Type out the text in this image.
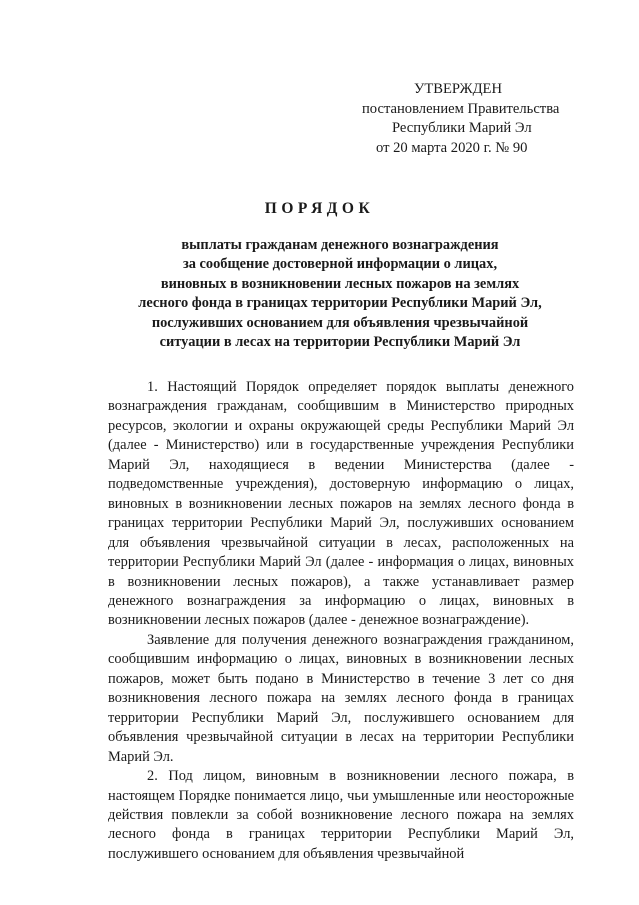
УТВЕРЖДЕН
постановлением Правительства
Республики Марий Эл
от 20 марта 2020 г. № 90
ПОРЯДОК
выплаты гражданам денежного вознаграждения
за сообщение достоверной информации о лицах,
виновных в возникновении лесных пожаров на землях
лесного фонда в границах территории Республики Марий Эл,
послуживших основанием для объявления чрезвычайной
ситуации в лесах на территории Республики Марий Эл

1. Настоящий Порядок определяет порядок выплаты денежного вознаграждения гражданам, сообщившим в Министерство природных ресурсов, экологии и охраны окружающей среды Республики Марий Эл (далее - Министерство) или в государственные учреждения Республики Марий Эл, находящиеся в ведении Министерства (далее - подведомственные учреждения), достоверную информацию о лицах, виновных в возникновении лесных пожаров на землях лесного фонда в границах территории Республики Марий Эл, послуживших основанием для объявления чрезвычайной ситуации в лесах, расположенных на территории Республики Марий Эл (далее - информация о лицах, виновных в возникновении лесных пожаров), а также устанавливает размер денежного вознаграждения за информацию о лицах, виновных в возникновении лесных пожаров (далее - денежное вознаграждение).

Заявление для получения денежного вознаграждения гражданином, сообщившим информацию о лицах, виновных в возникновении лесных пожаров, может быть подано в Министерство в течение 3 лет со дня возникновения лесного пожара на землях лесного фонда в границах территории Республики Марий Эл, послужившего основанием для объявления чрезвычайной ситуации в лесах на территории Республики Марий Эл.

2. Под лицом, виновным в возникновении лесного пожара, в настоящем Порядке понимается лицо, чьи умышленные или неосторожные действия повлекли за собой возникновение лесного пожара на землях лесного фонда в границах территории Республики Марий Эл, послужившего основанием для объявления чрезвычайной
